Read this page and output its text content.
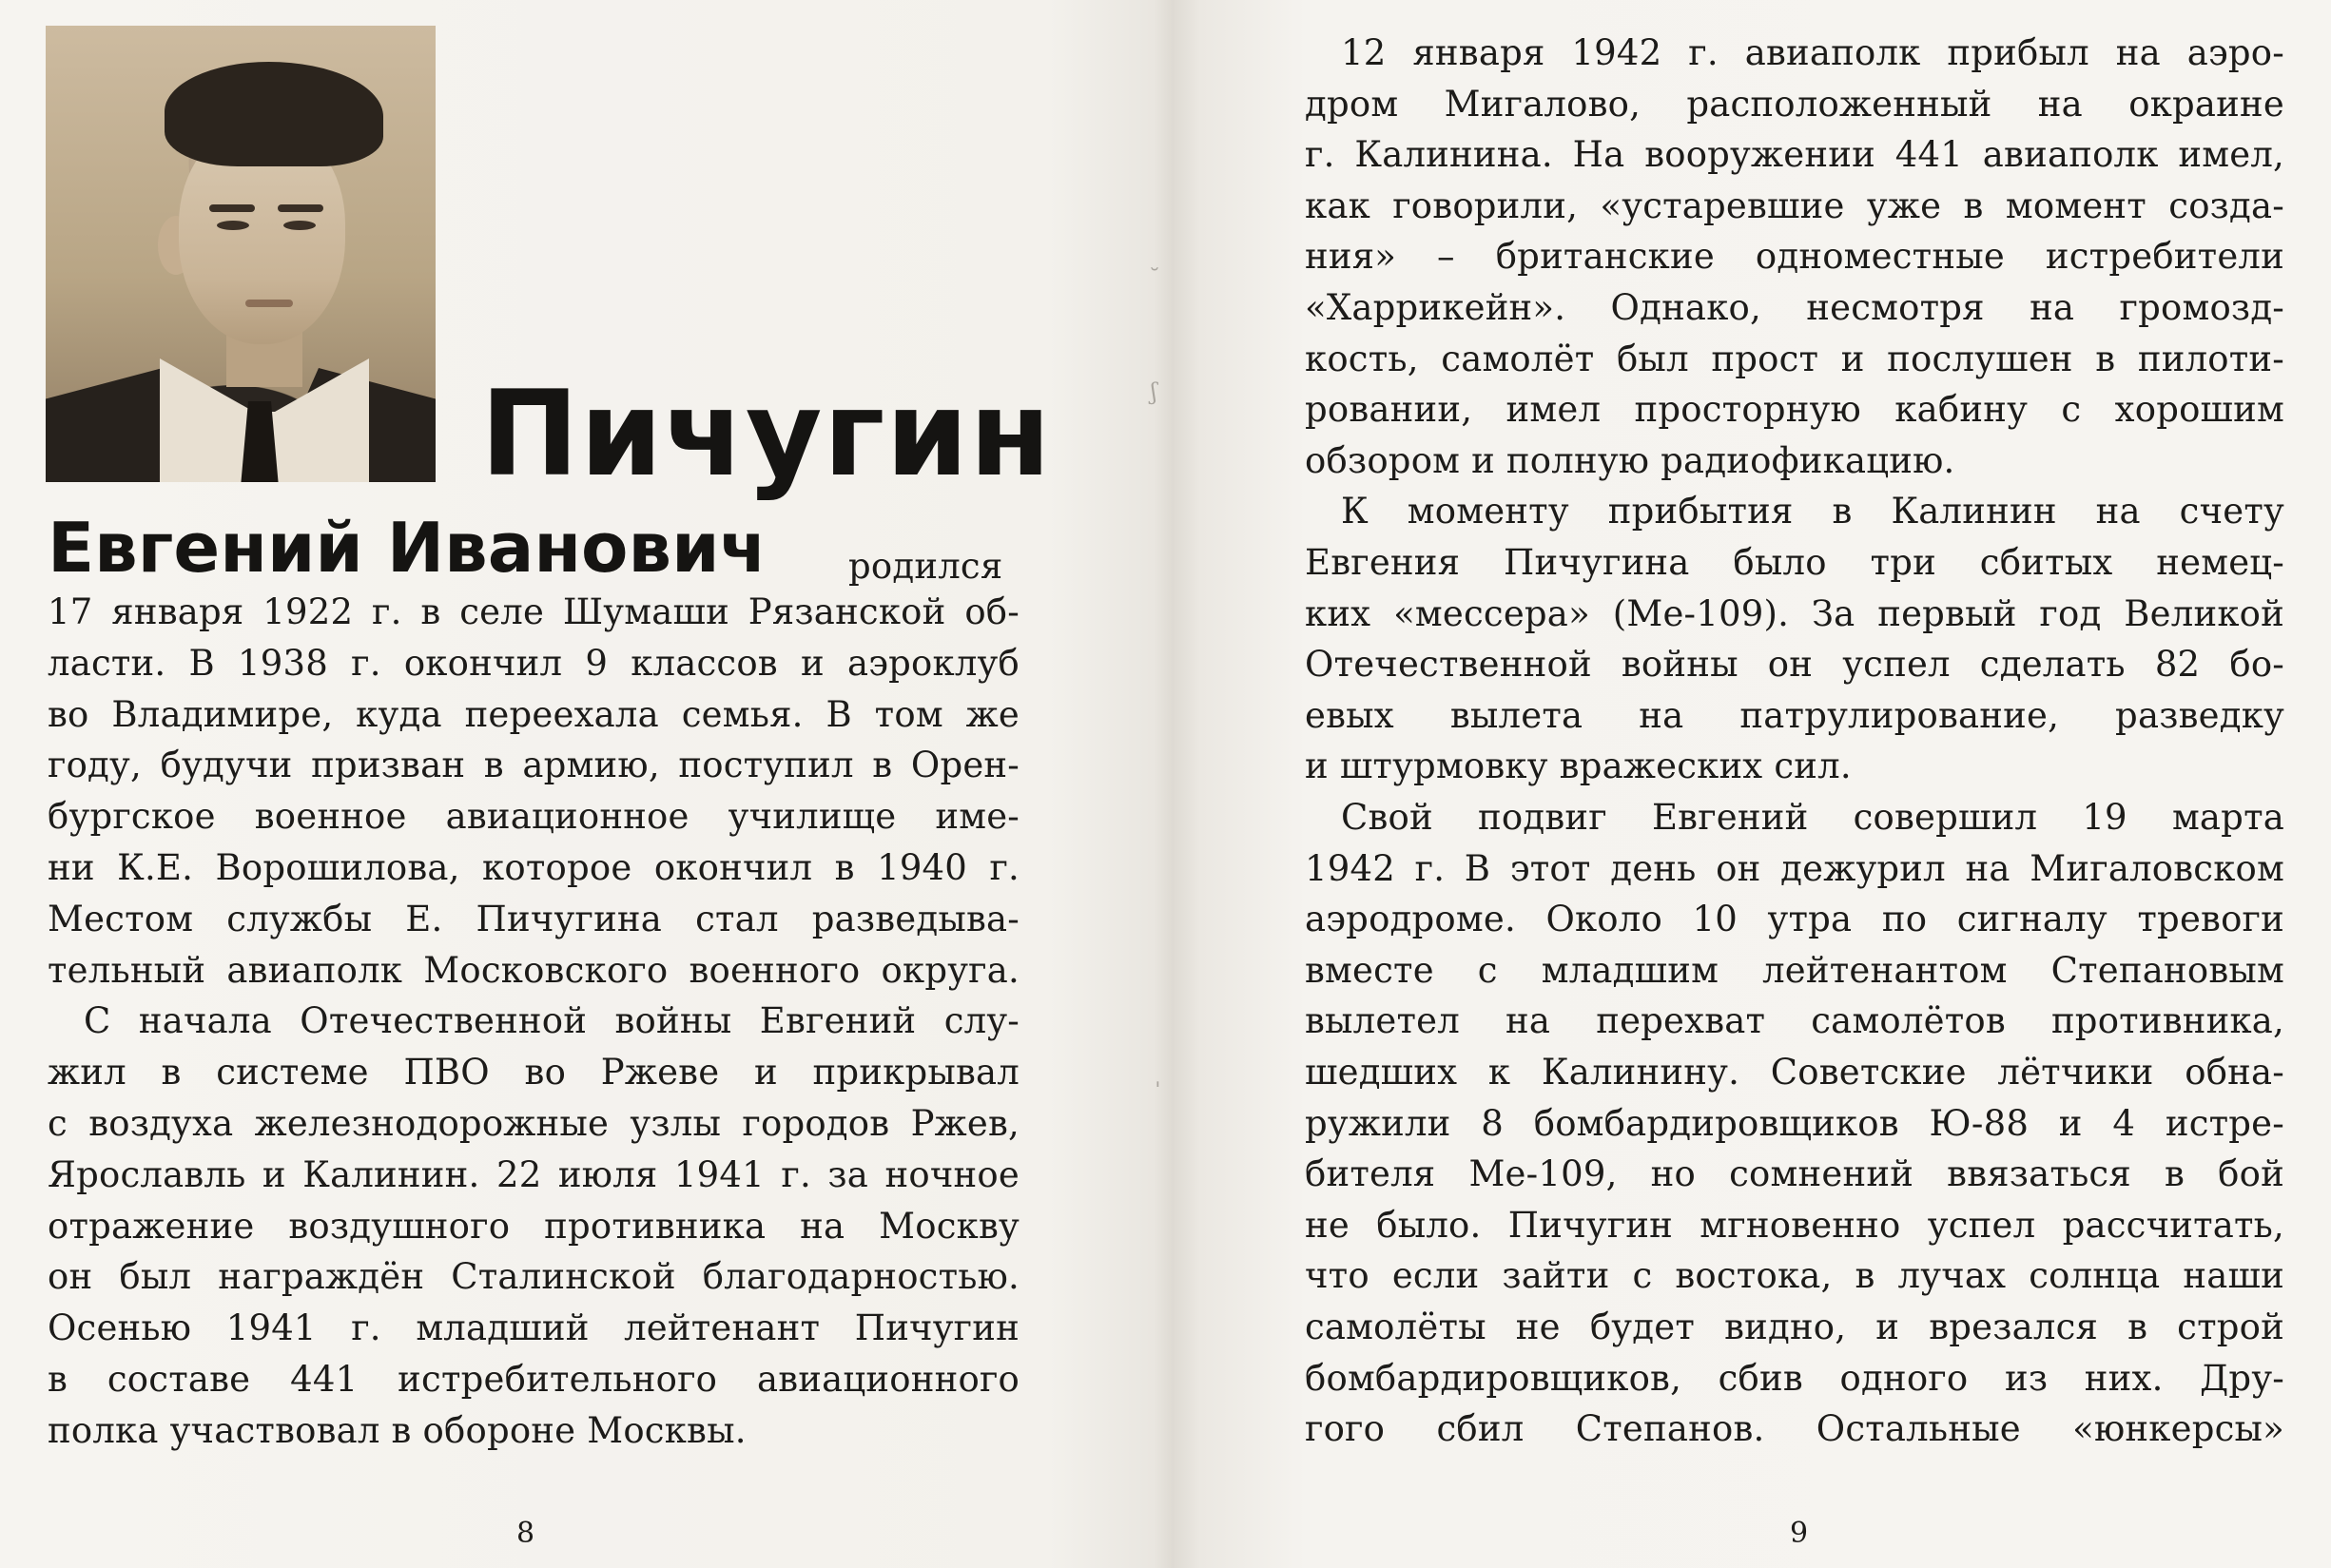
Пичугин
Евгений Иванович родился
17 января 1922 г. в селе Шумаши Рязанской об-
ласти. В 1938 г. окончил 9 классов и аэроклуб
во Владимире, куда переехала семья. В том же
году, будучи призван в армию, поступил в Орен-
бургское военное авиационное училище име-
ни К.Е. Ворошилова, которое окончил в 1940 г.
Местом службы Е. Пичугина стал разведыва-
тельный авиаполк Московского военного округа.
С начала Отечественной войны Евгений слу-
жил в системе ПВО во Ржеве и прикрывал
с воздуха железнодорожные узлы городов Ржев,
Ярославль и Калинин. 22 июля 1941 г. за ночное
отражение воздушного противника на Москву
он был награждён Сталинской благодарностью.
Осенью 1941 г. младший лейтенант Пичугин
в составе 441 истребительного авиационного
полка участвовал в обороне Москвы.
8
12 января 1942 г. авиаполк прибыл на аэро-
дром Мигалово, расположенный на окраине
г. Калинина. На вооружении 441 авиаполк имел,
как говорили, «устаревшие уже в момент созда-
ния» – британские одноместные истребители
«Харрикейн». Однако, несмотря на громозд-
кость, самолёт был прост и послушен в пилоти-
ровании, имел просторную кабину с хорошим
обзором и полную радиофикацию.
К моменту прибытия в Калинин на счету
Евгения Пичугина было три сбитых немец-
ких «мессера» (Ме-109). За первый год Великой
Отечественной войны он успел сделать 82 бо-
евых вылета на патрулирование, разведку
и штурмовку вражеских сил.
Свой подвиг Евгений совершил 19 марта
1942 г. В этот день он дежурил на Мигаловском
аэродроме. Около 10 утра по сигналу тревоги
вместе с младшим лейтенантом Степановым
вылетел на перехват самолётов противника,
шедших к Калинину. Советские лётчики обна-
ружили 8 бомбардировщиков Ю-88 и 4 истре-
бителя Ме-109, но сомнений ввязаться в бой
не было. Пичугин мгновенно успел рассчитать,
что если зайти с востока, в лучах солнца наши
самолёты не будет видно, и врезался в строй
бомбардировщиков, сбив одного из них. Дру-
гого сбил Степанов. Остальные «юнкерсы»
9
˘
ʃ
ˌ
